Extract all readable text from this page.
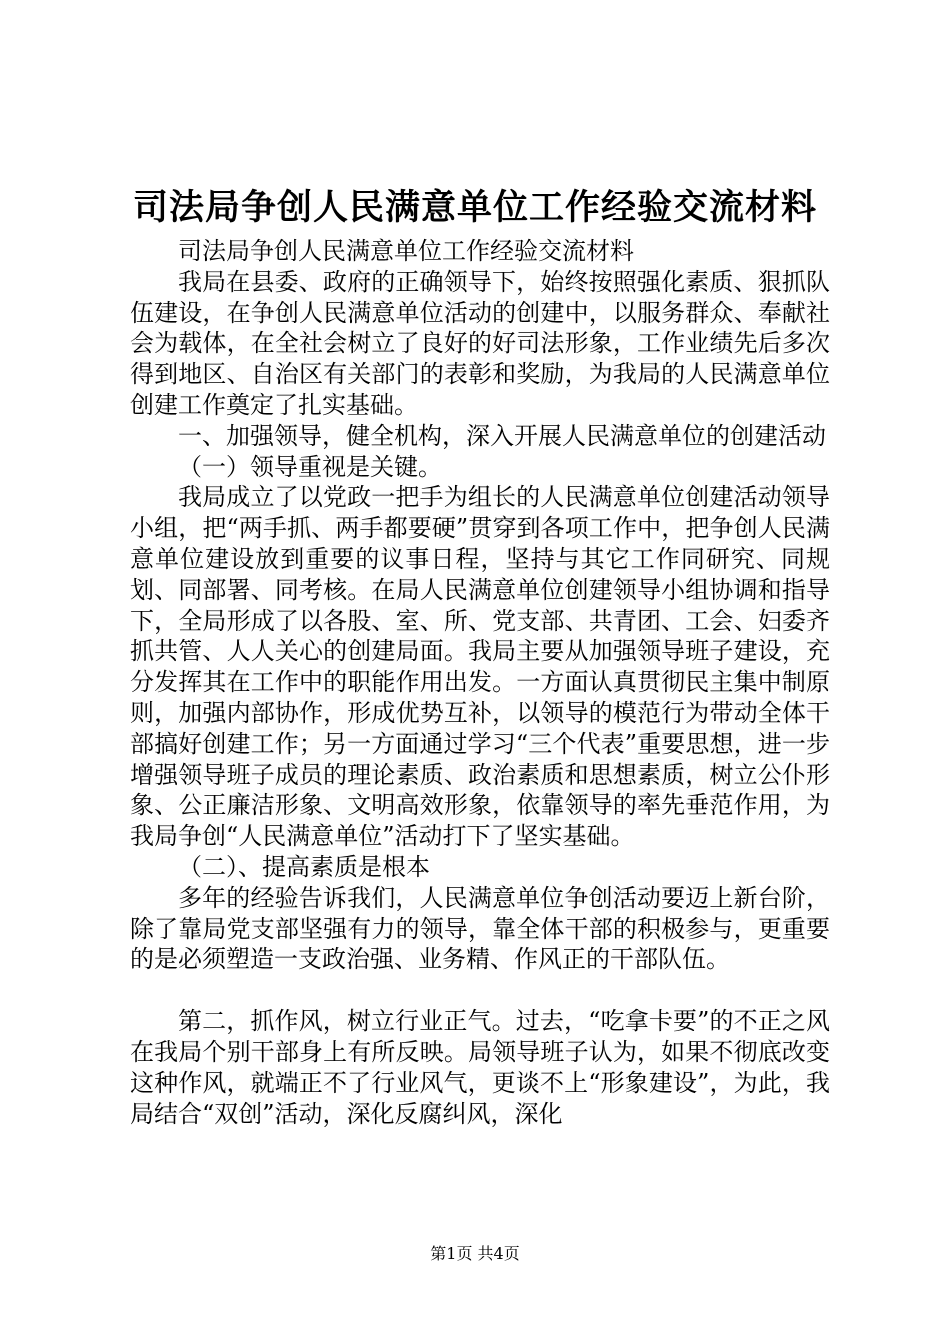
司法局争创人民满意单位工作经验交流材料

司法局争创人民满意单位工作经验交流材料

我局在县委、政府的正确领导下，始终按照强化素质、狠抓队伍建设，在争创人民满意单位活动的创建中，以服务群众、奉献社会为载体，在全社会树立了良好的好司法形象，工作业绩先后多次得到地区、自治区有关部门的表彰和奖励，为我局的人民满意单位创建工作奠定了扎实基础。

一、加强领导，健全机构，深入开展人民满意单位的创建活动

（一）领导重视是关键。

我局成立了以党政一把手为组长的人民满意单位创建活动领导小组，把“两手抓、两手都要硬”贯穿到各项工作中，把争创人民满意单位建设放到重要的议事日程，坚持与其它工作同研究、同规划、同部署、同考核。在局人民满意单位创建领导小组协调和指导下，全局形成了以各股、室、所、党支部、共青团、工会、妇委齐抓共管、人人关心的创建局面。我局主要从加强领导班子建设，充分发挥其在工作中的职能作用出发。一方面认真贯彻民主集中制原则，加强内部协作，形成优势互补，以领导的模范行为带动全体干部搞好创建工作；另一方面通过学习“三个代表”重要思想，进一步增强领导班子成员的理论素质、政治素质和思想素质，树立公仆形象、公正廉洁形象、文明高效形象，依靠领导的率先垂范作用，为我局争创“人民满意单位”活动打下了坚实基础。

（二）、提高素质是根本

多年的经验告诉我们，人民满意单位争创活动要迈上新台阶，除了靠局党支部坚强有力的领导，靠全体干部的积极参与，更重要的是必须塑造一支政治强、业务精、作风正的干部队伍。

第二，抓作风，树立行业正气。过去，“吃拿卡要”的不正之风在我局个别干部身上有所反映。局领导班子认为，如果不彻底改变这种作风，就端正不了行业风气，更谈不上“形象建设”，为此，我局结合“双创”活动，深化反腐纠风，深化

第1页 共4页
